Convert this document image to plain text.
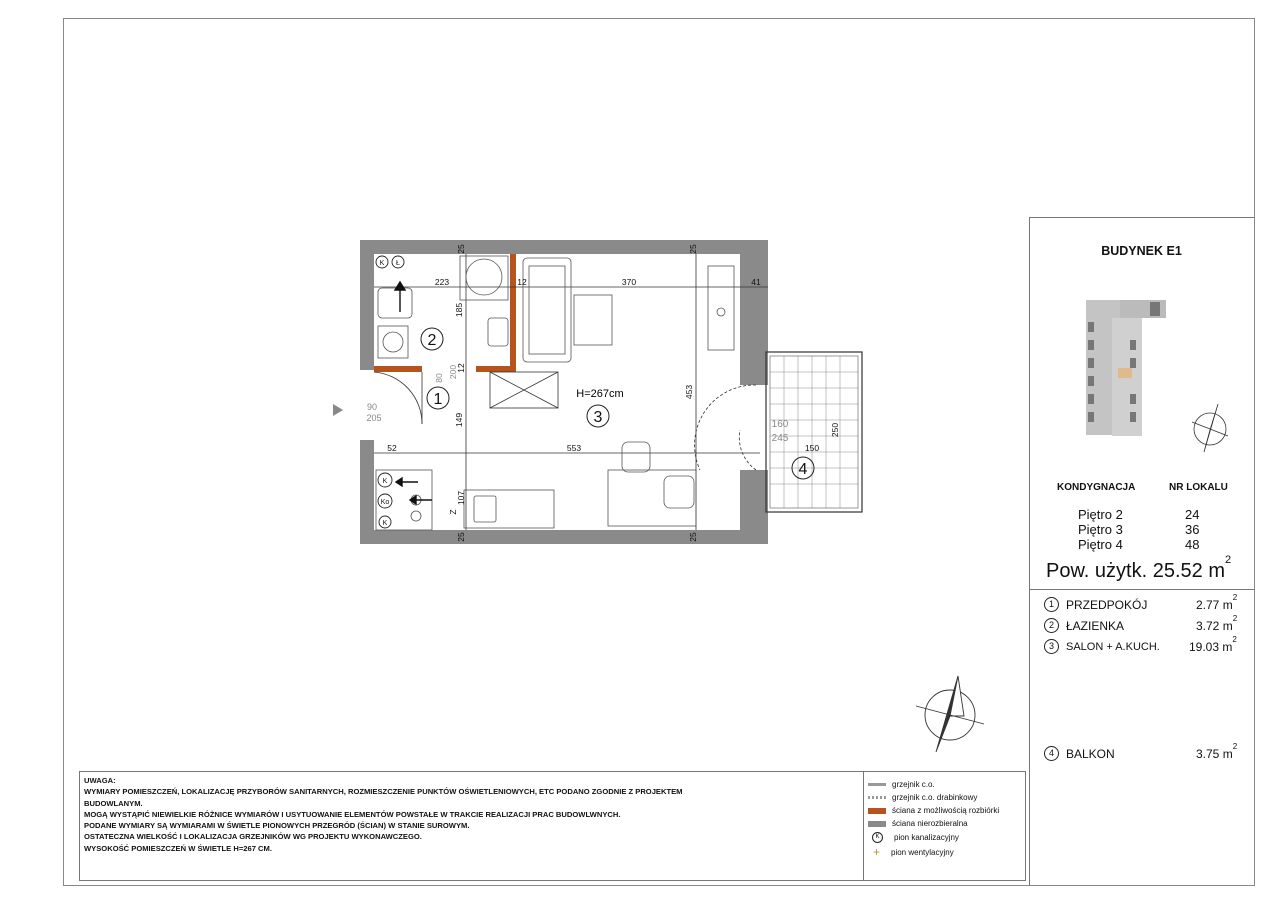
K Ł
K
Ko
K
2
1
3
4
H=267cm
25	25
223	12	370	41
185
200
12
80
149
453
160
245
150
250
90
205
52	553
107
25	25
Z
BUDYNEK E1
KONDYGNACJA	NR LOKALU
Piętro 2	24
Piętro 3	36
Piętro 4	48
Pow. użytk. 25.52 $m^2$
1	PRZEDPOKÓJ	2.77 $m^2$
2	ŁAZIENKA	3.72 $m^2$
3	SALON + A.KUCH. 19.03 $m^2$
4	BALKON	3.75 $m^2$
UWAGA:
WYMIARY POMIESZCZEŃ, LOKALIZACJĘ PRZYBORÓW SANITARNYCH, ROZMIESZCZENIE PUNKTÓW OŚWIETLENIOWYCH, ETC PODANO ZGODNIE Z PROJEKTEM
BUDOWLANYM.
MOGĄ WYSTĄPIĆ NIEWIELKIE RÓŻNICE WYMIARÓW I USYTUOWANIE ELEMENTÓW POWSTAŁE W TRAKCIE REALIZACJI PRAC BUDOWLWNYCH.
PODANE WYMIARY SĄ WYMIARAMI W ŚWIETLE PIONOWYCH PRZEGRÓD (ŚCIAN) W STANIE SUROWYM.
OSTATECZNA WIELKOŚĆ I LOKALIZACJA GRZEJNIKÓW WG PROJEKTU WYKONAWCZEGO.
WYSOKOŚĆ POMIESZCZEŃ W ŚWIETLE H=267 CM.
grzejnik c.o.
grzejnik c.o. drabinkowy
ściana z możliwością rozbiórki
ściana nierozbieralna
K	pion kanalizacyjny
+ pion wentylacyjny
